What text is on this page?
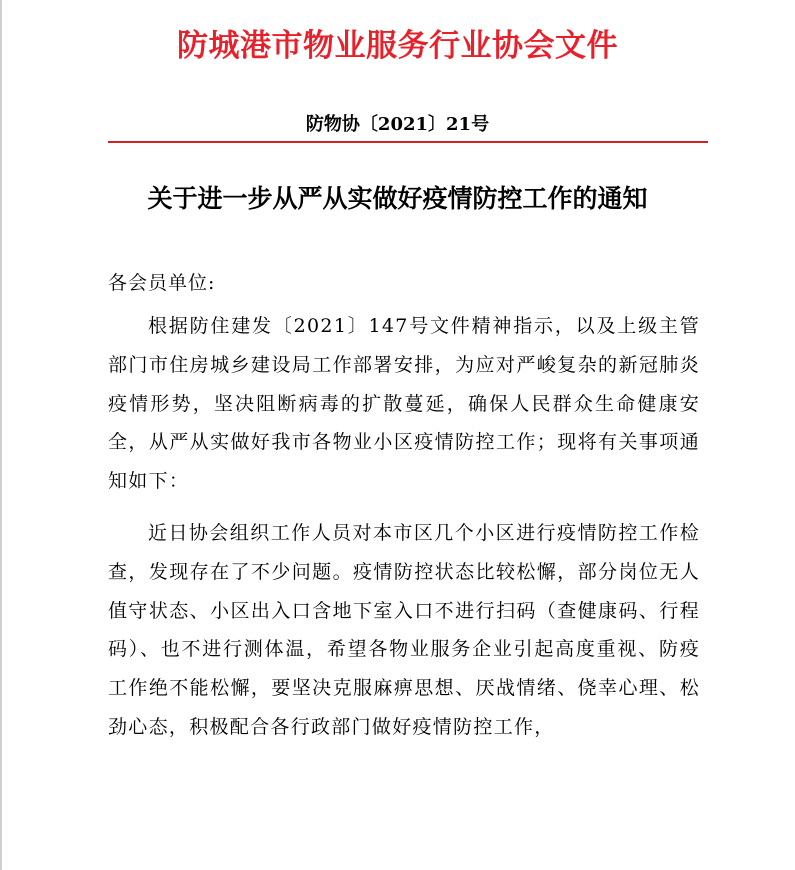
防城港市物业服务行业协会文件
防物协〔2021〕21号
关于进一步从严从实做好疫情防控工作的通知
各会员单位:

根据防住建发〔2021〕147号文件精神指示，以及上级主管部门市住房城乡建设局工作部署安排，为应对严峻复杂的新冠肺炎疫情形势，坚决阻断病毒的扩散蔓延，确保人民群众生命健康安全，从严从实做好我市各物业小区疫情防控工作；现将有关事项通知如下：

近日协会组织工作人员对本市区几个小区进行疫情防控工作检查，发现存在了不少问题。疫情防控状态比较松懈，部分岗位无人值守状态、小区出入口含地下室入口不进行扫码（查健康码、行程码）、也不进行测体温，希望各物业服务企业引起高度重视、防疫工作绝不能松懈，要坚决克服麻痹思想、厌战情绪、侥幸心理、松劲心态，积极配合各行政部门做好疫情防控工作，
